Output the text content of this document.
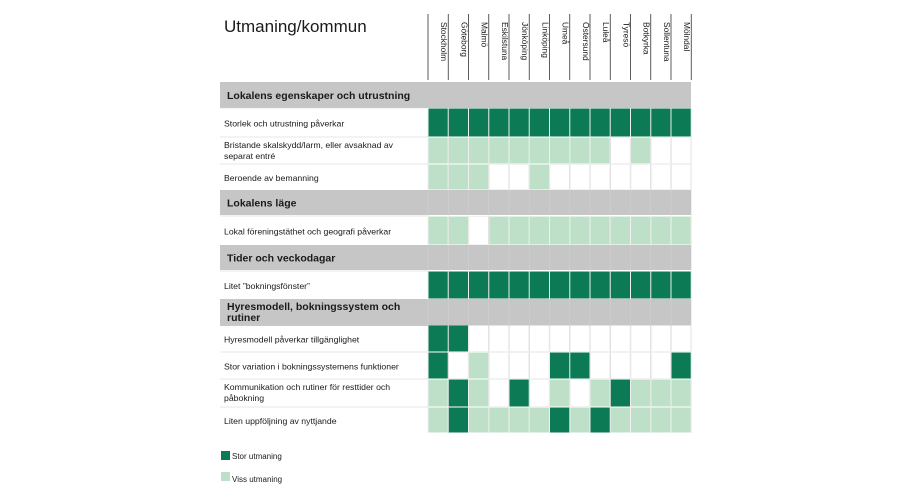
Utmaning/kommun	Stockholm Göteborg Malmö Eskilstuna Jönköping Linköping Umeå Östersund Luleå Tyresö Botkyrka Sollentuna Mölndal
Lokalens egenskaper och utrustning
Storlek och utrustning påverkar
Bristande skalskydd/larm, eller avsaknad av separat entré
Beroende av bemanning
Lokalens läge
Lokal föreningstäthet och geografi påverkar
Tider och veckodagar
Litet ”bokningsfönster”
Hyresmodell, bokningssystem och rutiner
Hyresmodell påverkar tillgänglighet
Stor variation i bokningssystemens funktioner
Kommunikation och rutiner för resttider och påbokning
Liten uppföljning av nyttjande
Stor utmaning
Viss utmaning
